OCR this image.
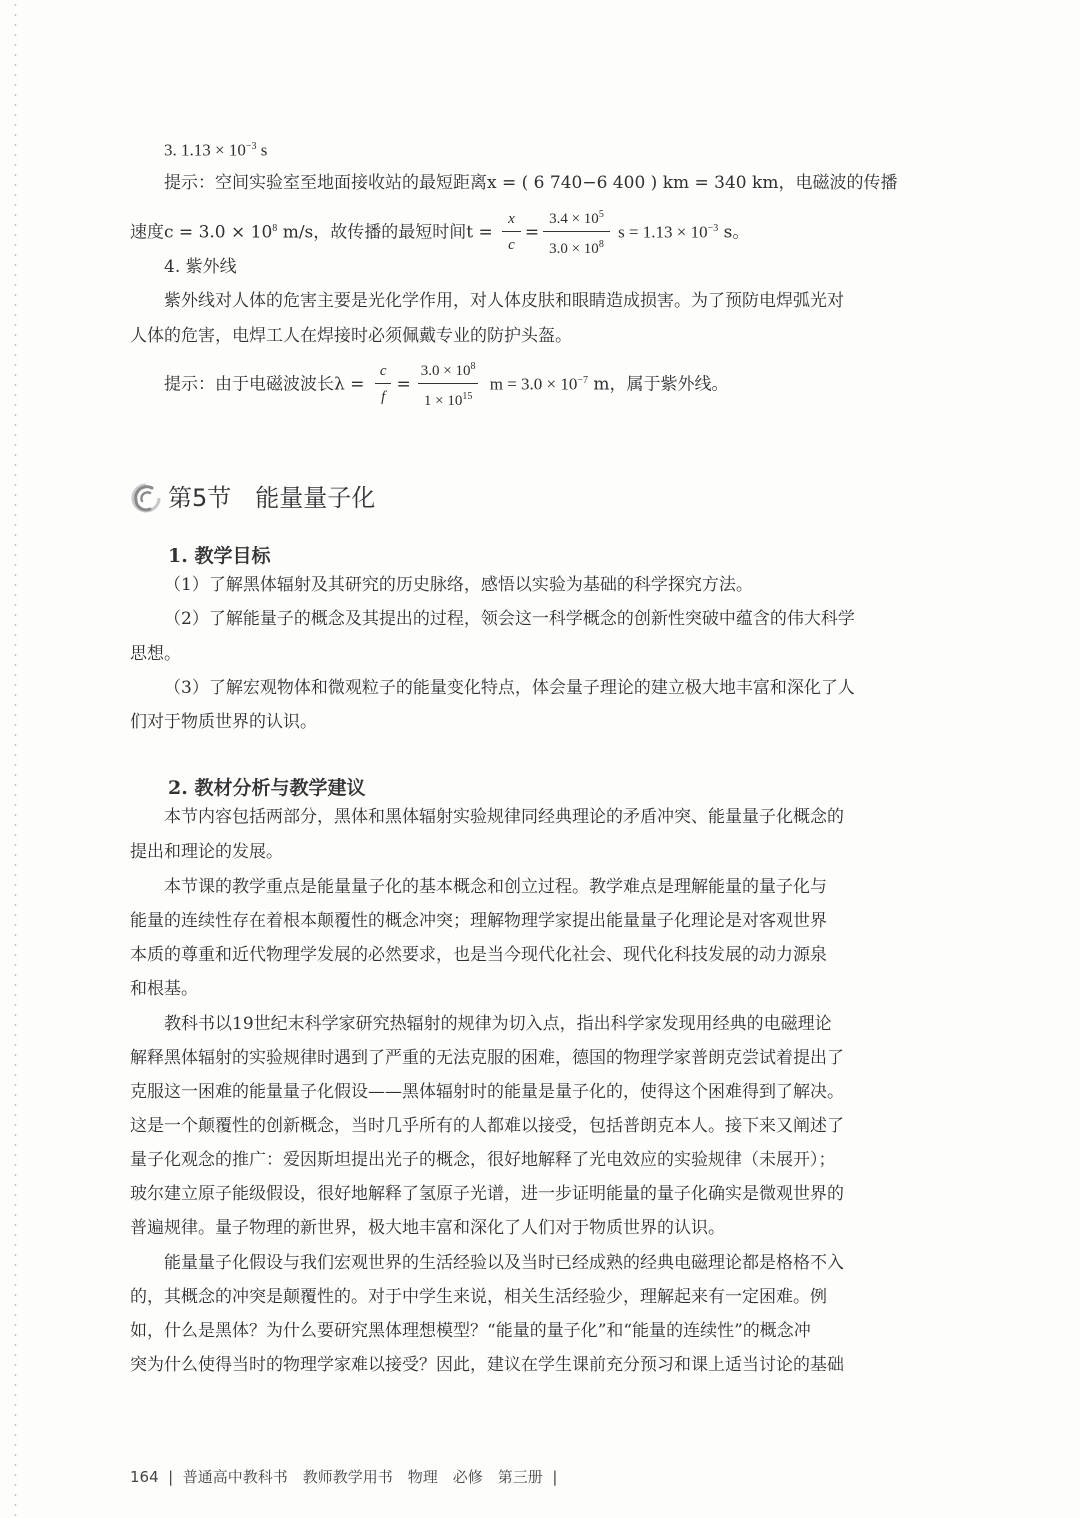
3. $1.13 \times 10^{-3}$ s
提示：空间实验室至地面接收站的最短距离x = ( 6 740−6 400 ) km = 340 km，电磁波的传播
速度$c = 3.0 \times 10^8$ m/s，故传播的最短时间$t = \frac{x}{c} = \frac{3.4 \times 10^5}{3.0 \times 10^8}$ $s = 1.13 \times 10^{-3}$ s。
4. 紫外线
紫外线对人体的危害主要是光化学作用，对人体皮肤和眼睛造成损害。为了预防电焊弧光对
人体的危害，电焊工人在焊接时必须佩戴专业的防护头盔。
提示：由于电磁波波长$\lambda = \frac{c}{f} = \frac{3.0 \times 10^8}{1 \times 10^{15}}$ $m = 3.0 \times 10^{-7}$ m，属于紫外线。
第5节　能量量子化
1. 教学目标
（1）了解黑体辐射及其研究的历史脉络，感悟以实验为基础的科学探究方法。
（2）了解能量子的概念及其提出的过程，领会这一科学概念的创新性突破中蕴含的伟大科学
思想。
（3）了解宏观物体和微观粒子的能量变化特点，体会量子理论的建立极大地丰富和深化了人
们对于物质世界的认识。
2. 教材分析与教学建议
本节内容包括两部分，黑体和黑体辐射实验规律同经典理论的矛盾冲突、能量量子化概念的
提出和理论的发展。
本节课的教学重点是能量量子化的基本概念和创立过程。教学难点是理解能量的量子化与
能量的连续性存在着根本颠覆性的概念冲突；理解物理学家提出能量量子化理论是对客观世界
本质的尊重和近代物理学发展的必然要求，也是当今现代化社会、现代化科技发展的动力源泉
和根基。
教科书以19世纪末科学家研究热辐射的规律为切入点，指出科学家发现用经典的电磁理论
解释黑体辐射的实验规律时遇到了严重的无法克服的困难，德国的物理学家普朗克尝试着提出了
克服这一困难的能量量子化假设——黑体辐射时的能量是量子化的，使得这个困难得到了解决。
这是一个颠覆性的创新概念，当时几乎所有的人都难以接受，包括普朗克本人。接下来又阐述了
量子化观念的推广：爱因斯坦提出光子的概念，很好地解释了光电效应的实验规律（未展开）；
玻尔建立原子能级假设，很好地解释了氢原子光谱，进一步证明能量的量子化确实是微观世界的
普遍规律。量子物理的新世界，极大地丰富和深化了人们对于物质世界的认识。
能量量子化假设与我们宏观世界的生活经验以及当时已经成熟的经典电磁理论都是格格不入
的，其概念的冲突是颠覆性的。对于中学生来说，相关生活经验少，理解起来有一定困难。例
如，什么是黑体？为什么要研究黑体理想模型？“能量的量子化”和“能量的连续性”的概念冲
突为什么使得当时的物理学家难以接受？因此，建议在学生课前充分预习和课上适当讨论的基础
164  |  普通高中教科书　教师教学用书　物理　必修　第三册  |
